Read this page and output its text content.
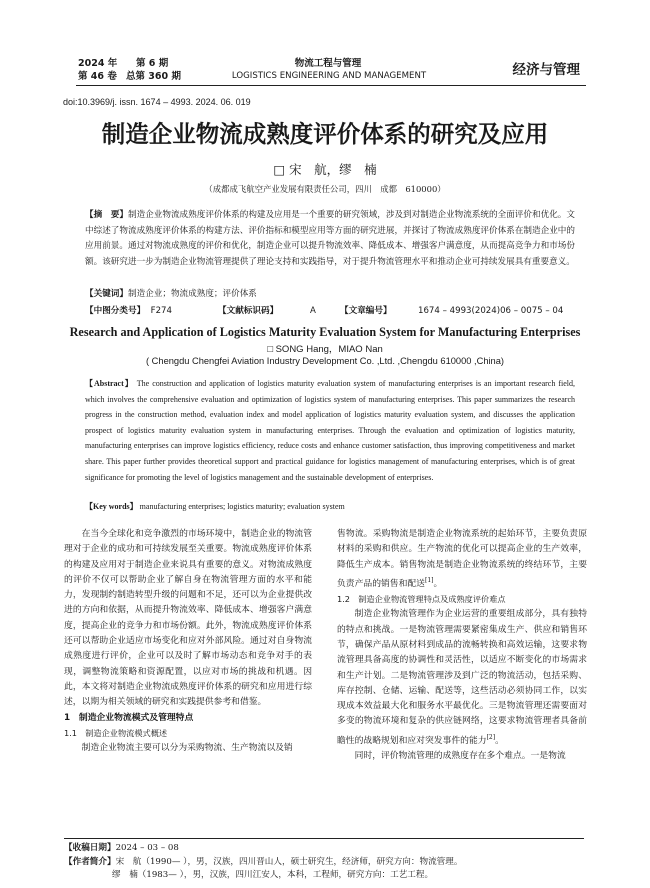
2024 年 第 6 期
第 46 卷 总第 360 期
物流工程与管理
LOGISTICS ENGINEERING AND MANAGEMENT	经济与管理
doi:10.3969/j. issn. 1674 – 4993. 2024. 06. 019
制造企业物流成熟度评价体系的研究及应用
□ 宋　航，缪　楠
（成都成飞航空产业发展有限责任公司，四川　成都　610000）
【摘　要】制造企业物流成熟度评价体系的构建及应用是一个重要的研究领域，涉及到对制造企业物流系统的全面评价和优化。文中综述了物流成熟度评价体系的构建方法、评价指标和模型应用等方面的研究进展，并探讨了物流成熟度评价体系在制造企业中的应用前景。通过对物流成熟度的评价和优化，制造企业可以提升物流效率、降低成本、增强客户满意度，从而提高竞争力和市场份额。该研究进一步为制造企业物流管理提供了理论支持和实践指导，对于提升物流管理水平和推动企业可持续发展具有重要意义。
【关键词】制造企业；物流成熟度；评价体系
【中图分类号】 F274	【文献标识码】	A	【文章编号】	1674 – 4993(2024)06 – 0075 – 04
Research and Application of Logistics Maturity Evaluation System for Manufacturing Enterprises
□ SONG Hang，MIAO Nan
( Chengdu Chengfei Aviation Industry Development Co. ,Ltd. ,Chengdu 610000 ,China)
【Abstract】 The construction and application of logistics maturity evaluation system of manufacturing enterprises is an important research field, which involves the comprehensive evaluation and optimization of logistics system of manufacturing enterprises. This paper summarizes the research progress in the construction method, evaluation index and model application of logistics maturity evaluation system, and discusses the application prospect of logistics maturity evaluation system in manufacturing enterprises. Through the evaluation and optimization of logistics maturity, manufacturing enterprises can improve logistics efficiency, reduce costs and enhance customer satisfaction, thus improving competitiveness and market share. This paper further provides theoretical support and practical guidance for logistics management of manufacturing enterprises, which is of great significance for promoting the level of logistics management and the sustainable development of enterprises.
【Key words】 manufacturing enterprises; logistics maturity; evaluation system

在当今全球化和竞争激烈的市场环境中，制造企业的物流管理对于企业的成功和可持续发展至关重要。物流成熟度评价体系的构建及应用对于制造企业来说具有重要的意义。对物流成熟度的评价不仅可以帮助企业了解自身在物流管理方面的水平和能力，发现制约制造转型升级的问题和不足，还可以为企业提供改进的方向和依据，从而提升物流效率、降低成本、增强客户满意度，提高企业的竞争力和市场份额。此外，物流成熟度评价体系还可以帮助企业适应市场变化和应对外部风险。通过对自身物流成熟度进行评价，企业可以及时了解市场动态和竞争对手的表现，调整物流策略和资源配置，以应对市场的挑战和机遇。因此，本文将对制造企业物流成熟度评价体系的研究和应用进行综述，以期为相关领域的研究和实践提供参考和借鉴。

1　制造企业物流模式及管理特点

1.1　制造企业物流模式概述

制造企业物流主要可以分为采购物流、生产物流以及销

售物流。采购物流是制造企业物流系统的起始环节，主要负责原材料的采购和供应。生产物流的优化可以提高企业的生产效率，降低生产成本。销售物流是制造企业物流系统的终结环节，主要负责产品的销售和配送[1]。

1.2　制造企业物流管理特点及成熟度评价难点

制造企业物流管理作为企业运营的重要组成部分，具有独特的特点和挑战。一是物流管理需要紧密集成生产、供应和销售环节，确保产品从原材料到成品的流畅转换和高效运输，这要求物流管理具备高度的协调性和灵活性，以适应不断变化的市场需求和生产计划。二是物流管理涉及到广泛的物流活动，包括采购、库存控制、仓储、运输、配送等，这些活动必须协同工作，以实现成本效益最大化和服务水平最优化。三是物流管理还需要面对多变的物流环境和复杂的供应链网络，这要求物流管理者具备前瞻性的战略规划和应对突发事件的能力[2]。

同时，评价物流管理的成熟度存在多个难点。一是物流

【收稿日期】2024 – 03 – 08
【作者简介】宋　航（1990— ），男，汉族，四川晋山人，硕士研究生，经济师，研究方向：物流管理。
缪　楠（1983— ），男，汉族，四川江安人，本科，工程师，研究方向：工艺工程。
